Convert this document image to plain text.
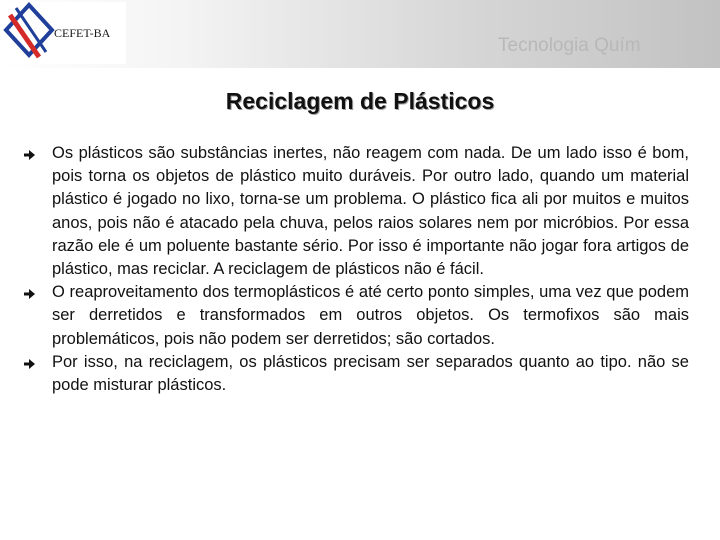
CEFET-BA
Tecnologia Quím
Reciclagem de Plásticos
Os plásticos são substâncias inertes, não reagem com nada. De um lado isso é bom, pois torna os objetos de plástico muito duráveis. Por outro lado, quando um material plástico é jogado no lixo, torna-se um problema. O plástico fica ali por muitos e muitos anos, pois não é atacado pela chuva, pelos raios solares nem por micróbios. Por essa razão ele é um poluente bastante sério. Por isso é importante não jogar fora artigos de plástico, mas reciclar. A reciclagem de plásticos não é fácil.
O reaproveitamento dos termoplásticos é até certo ponto simples, uma vez que podem ser derretidos e transformados em outros objetos. Os termofixos são mais problemáticos, pois não podem ser derretidos; são cortados.
Por isso, na reciclagem, os plásticos precisam ser separados quanto ao tipo. não se pode misturar plásticos.
